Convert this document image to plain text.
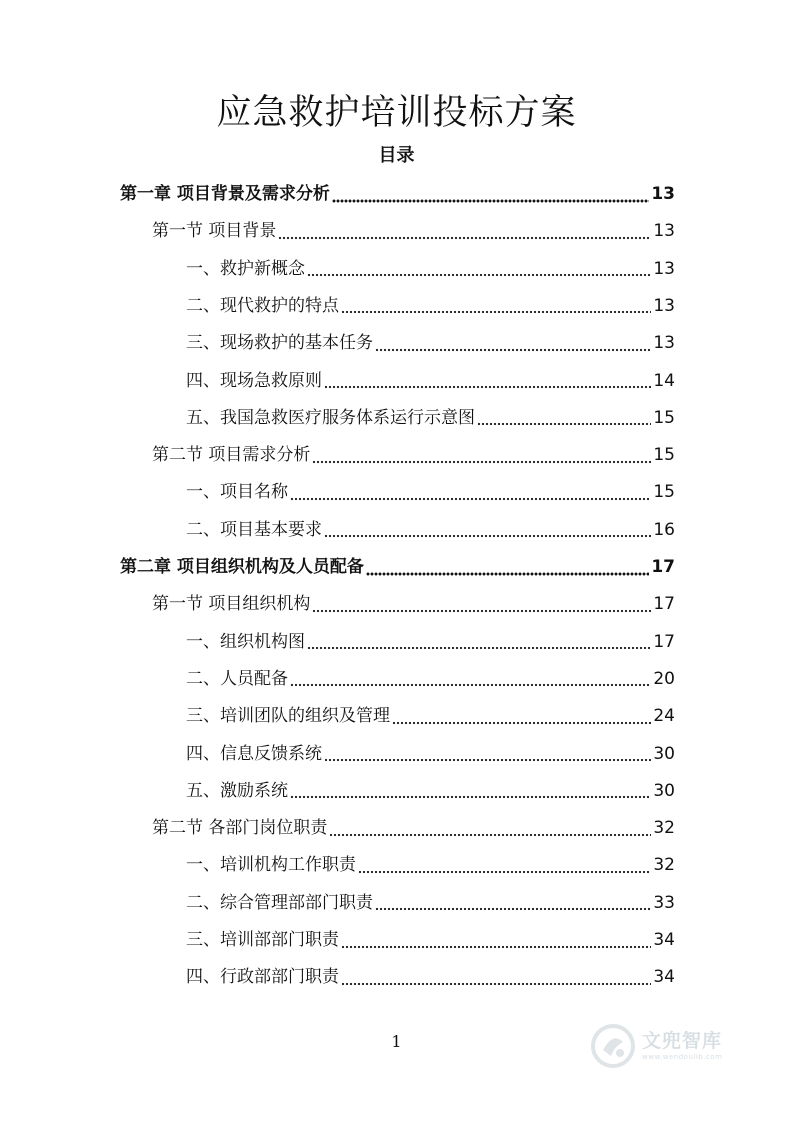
应急救护培训投标方案
目录
第一章 项目背景及需求分析	13
第一节 项目背景	13
一、救护新概念	13
二、现代救护的特点	13
三、现场救护的基本任务	13
四、现场急救原则	14
五、我国急救医疗服务体系运行示意图	15
第二节 项目需求分析	15
一、项目名称	15
二、项目基本要求	16
第二章 项目组织机构及人员配备	17
第一节 项目组织机构	17
一、组织机构图	17
二、人员配备	20
三、培训团队的组织及管理	24
四、信息反馈系统	30
五、激励系统	30
第二节 各部门岗位职责	32
一、培训机构工作职责	32
二、综合管理部部门职责	33
三、培训部部门职责	34
四、行政部部门职责	34
1	文兜智库
www.wendoulib.com
